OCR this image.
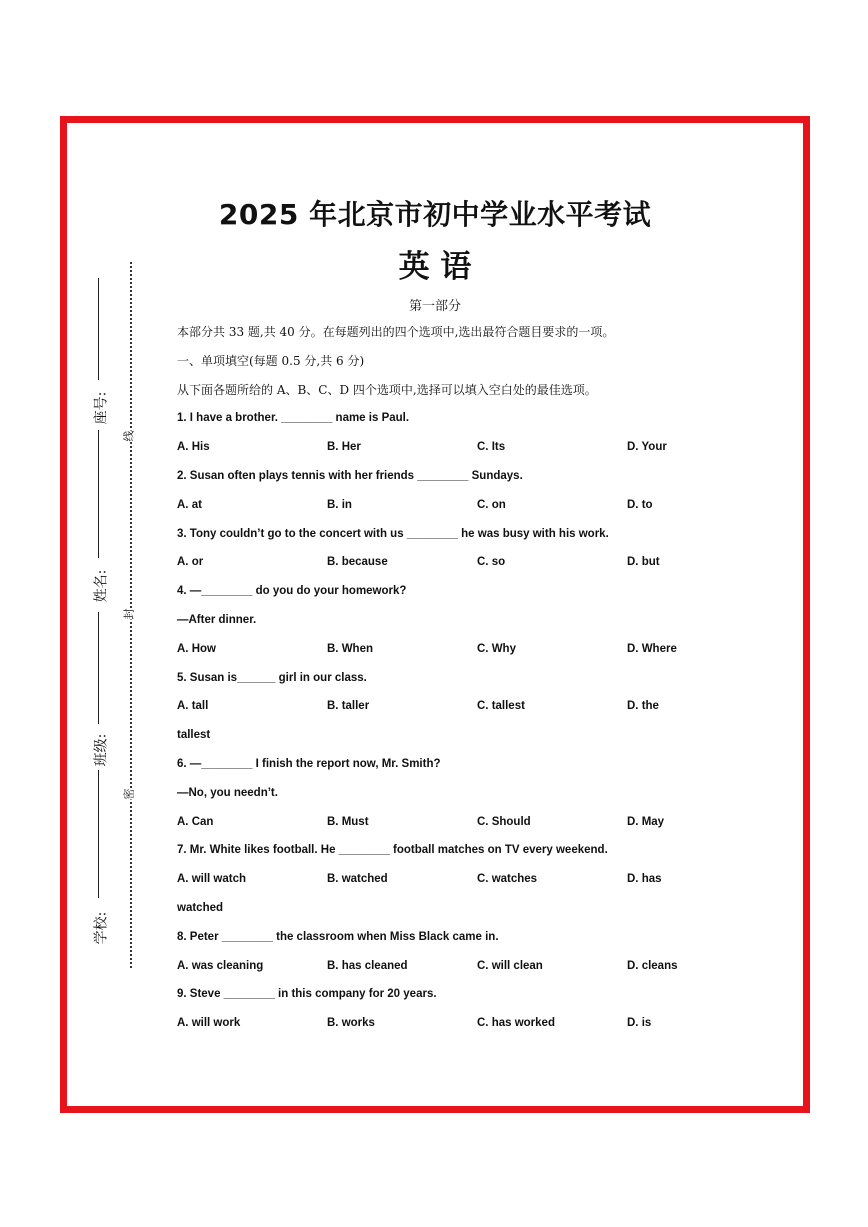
座号:
姓名:
班级:
学校:
线
封
密
2025 年北京市初中学业水平考试
英 语
第一部分
本部分共 33 题,共 40 分。在每题列出的四个选项中,选出最符合题目要求的一项。
一、单项填空(每题 0.5 分,共 6 分)
从下面各题所给的 A、B、C、D 四个选项中,选择可以填入空白处的最佳选项。
1. I have a brother. ________ name is Paul.
A. His	B. Her	C. Its	D. Your
2. Susan often plays tennis with her friends ________ Sundays.
A. at	B. in	C. on	D. to
3. Tony couldn’t go to the concert with us ________ he was busy with his work.
A. or	B. because	C. so	D. but
4. —________ do you do your homework?
—After dinner.
A. How	B. When	C. Why	D. Where
5. Susan is______ girl in our class.
A. tall	B. taller	C. tallest	D. the
tallest
6. —________ I finish the report now, Mr. Smith?
—No, you needn’t.
A. Can	B. Must	C. Should	D. May
7. Mr. White likes football. He ________ football matches on TV every weekend.
A. will watch	B. watched	C. watches	D. has
watched
8. Peter ________ the classroom when Miss Black came in.
A. was cleaning	B. has cleaned	C. will clean	D. cleans
9. Steve ________ in this company for 20 years.
A. will work	B. works	C. has worked	D. is
